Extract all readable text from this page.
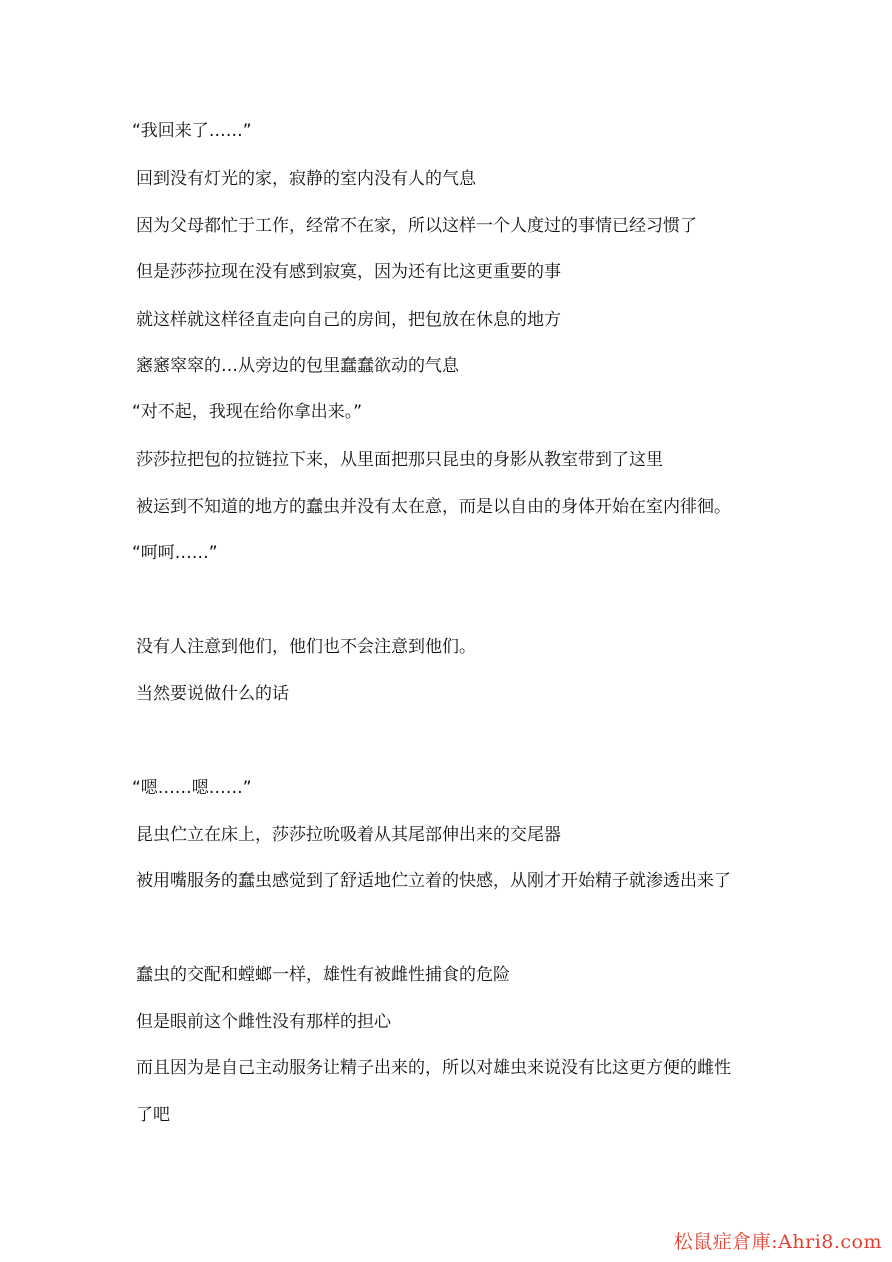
“我回来了……”
回到没有灯光的家，寂静的室内没有人的气息
因为父母都忙于工作，经常不在家，所以这样一个人度过的事情已经习惯了
但是莎莎拉现在没有感到寂寞，因为还有比这更重要的事
就这样就这样径直走向自己的房间，把包放在休息的地方
窸窸窣窣的…从旁边的包里蠢蠢欲动的气息
“对不起，我现在给你拿出来。”
莎莎拉把包的拉链拉下来，从里面把那只昆虫的身影从教室带到了这里
被运到不知道的地方的蠢虫并没有太在意，而是以自由的身体开始在室内徘徊。
“呵呵……”
没有人注意到他们，他们也不会注意到他们。
当然要说做什么的话
“嗯……嗯……”
昆虫伫立在床上，莎莎拉吮吸着从其尾部伸出来的交尾器
被用嘴服务的蠢虫感觉到了舒适地伫立着的快感，从刚才开始精子就渗透出来了
蠢虫的交配和螳螂一样，雄性有被雌性捕食的危险
但是眼前这个雌性没有那样的担心
而且因为是自己主动服务让精子出来的，所以对雄虫来说没有比这更方便的雌性
了吧
松鼠症倉庫:Ahri8.com
